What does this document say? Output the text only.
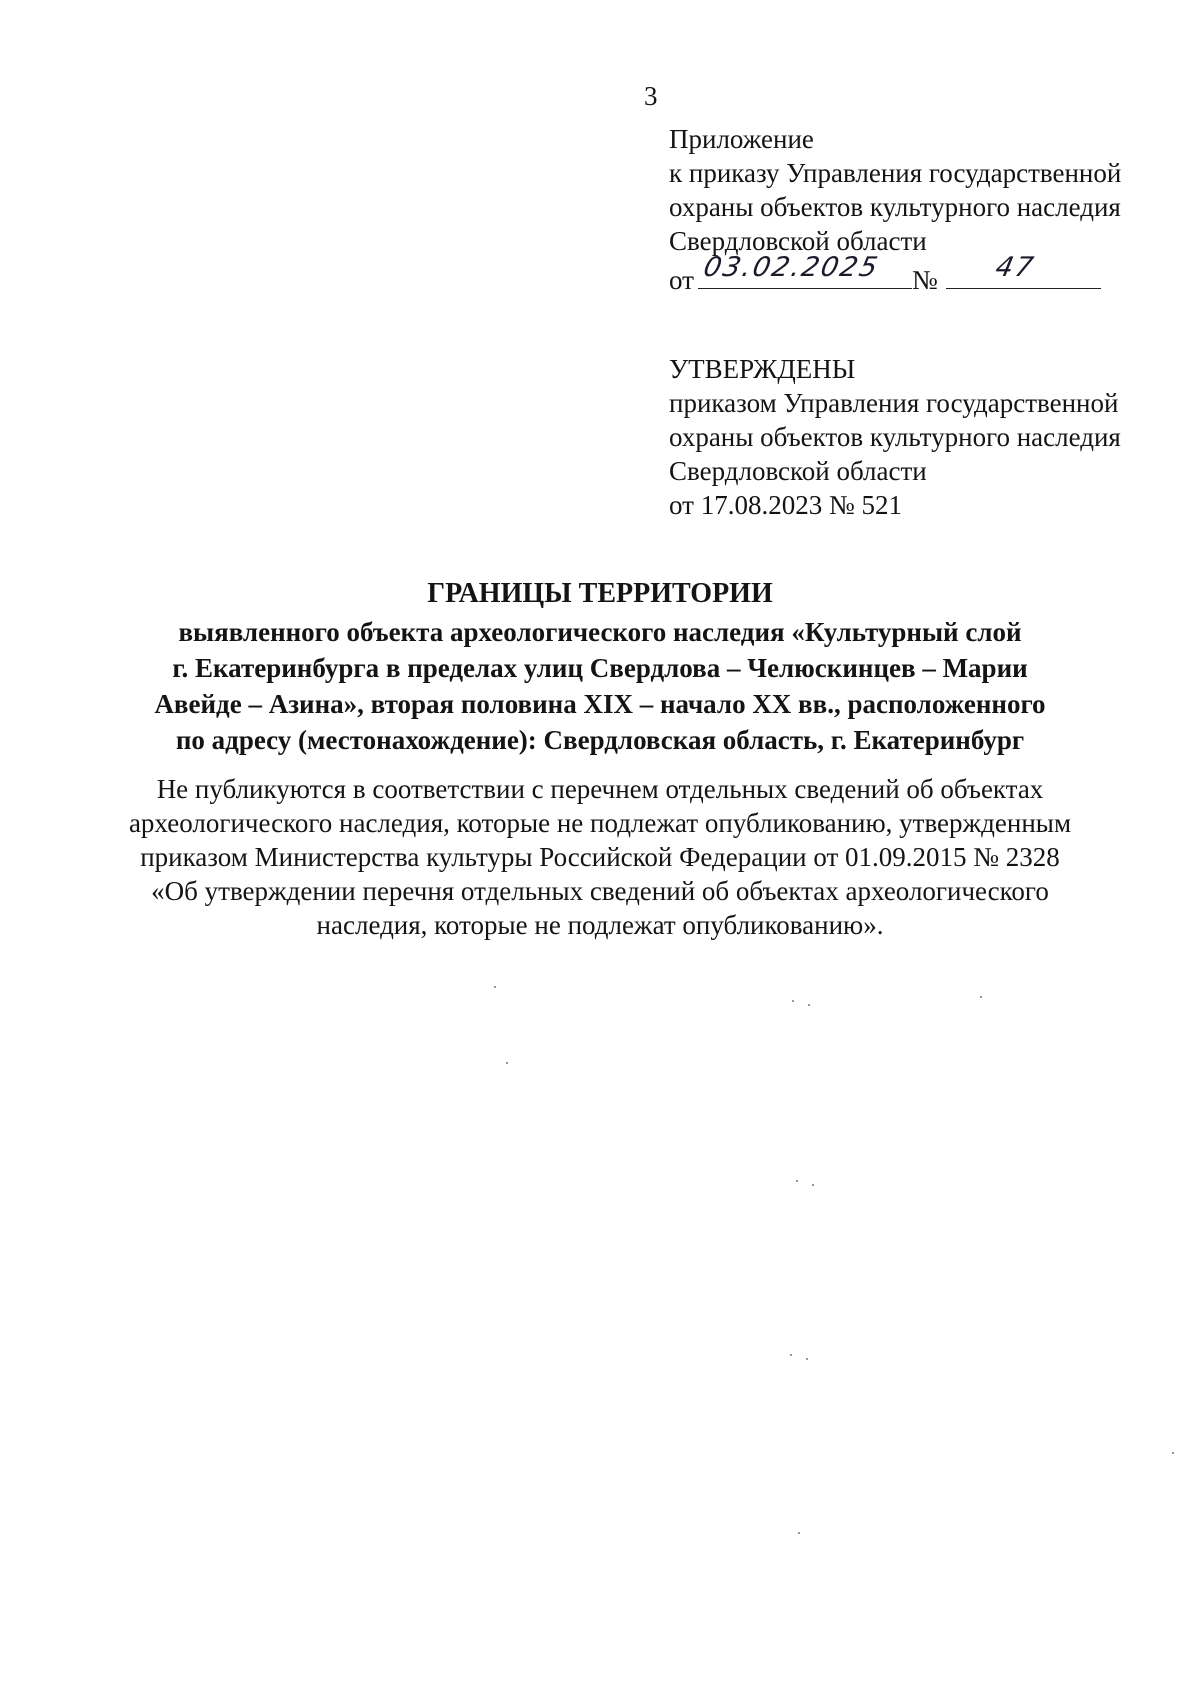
3
Приложение
к приказу Управления государственной
охраны объектов культурного наследия
Свердловской области
от 03.02.2025 № 47
УТВЕРЖДЕНЫ
приказом Управления государственной
охраны объектов культурного наследия
Свердловской области
от 17.08.2023 № 521
ГРАНИЦЫ ТЕРРИТОРИИ
выявленного объекта археологического наследия «Культурный слой
г. Екатеринбурга в пределах улиц Свердлова – Челюскинцев – Марии
Авейде – Азина», вторая половина XIX – начало XX вв., расположенного
по адресу (местонахождение): Свердловская область, г. Екатеринбург
Не публикуются в соответствии с перечнем отдельных сведений об объектах
археологического наследия, которые не подлежат опубликованию, утвержденным
приказом Министерства культуры Российской Федерации от 01.09.2015 № 2328
«Об утверждении перечня отдельных сведений об объектах археологического
наследия, которые не подлежат опубликованию».
